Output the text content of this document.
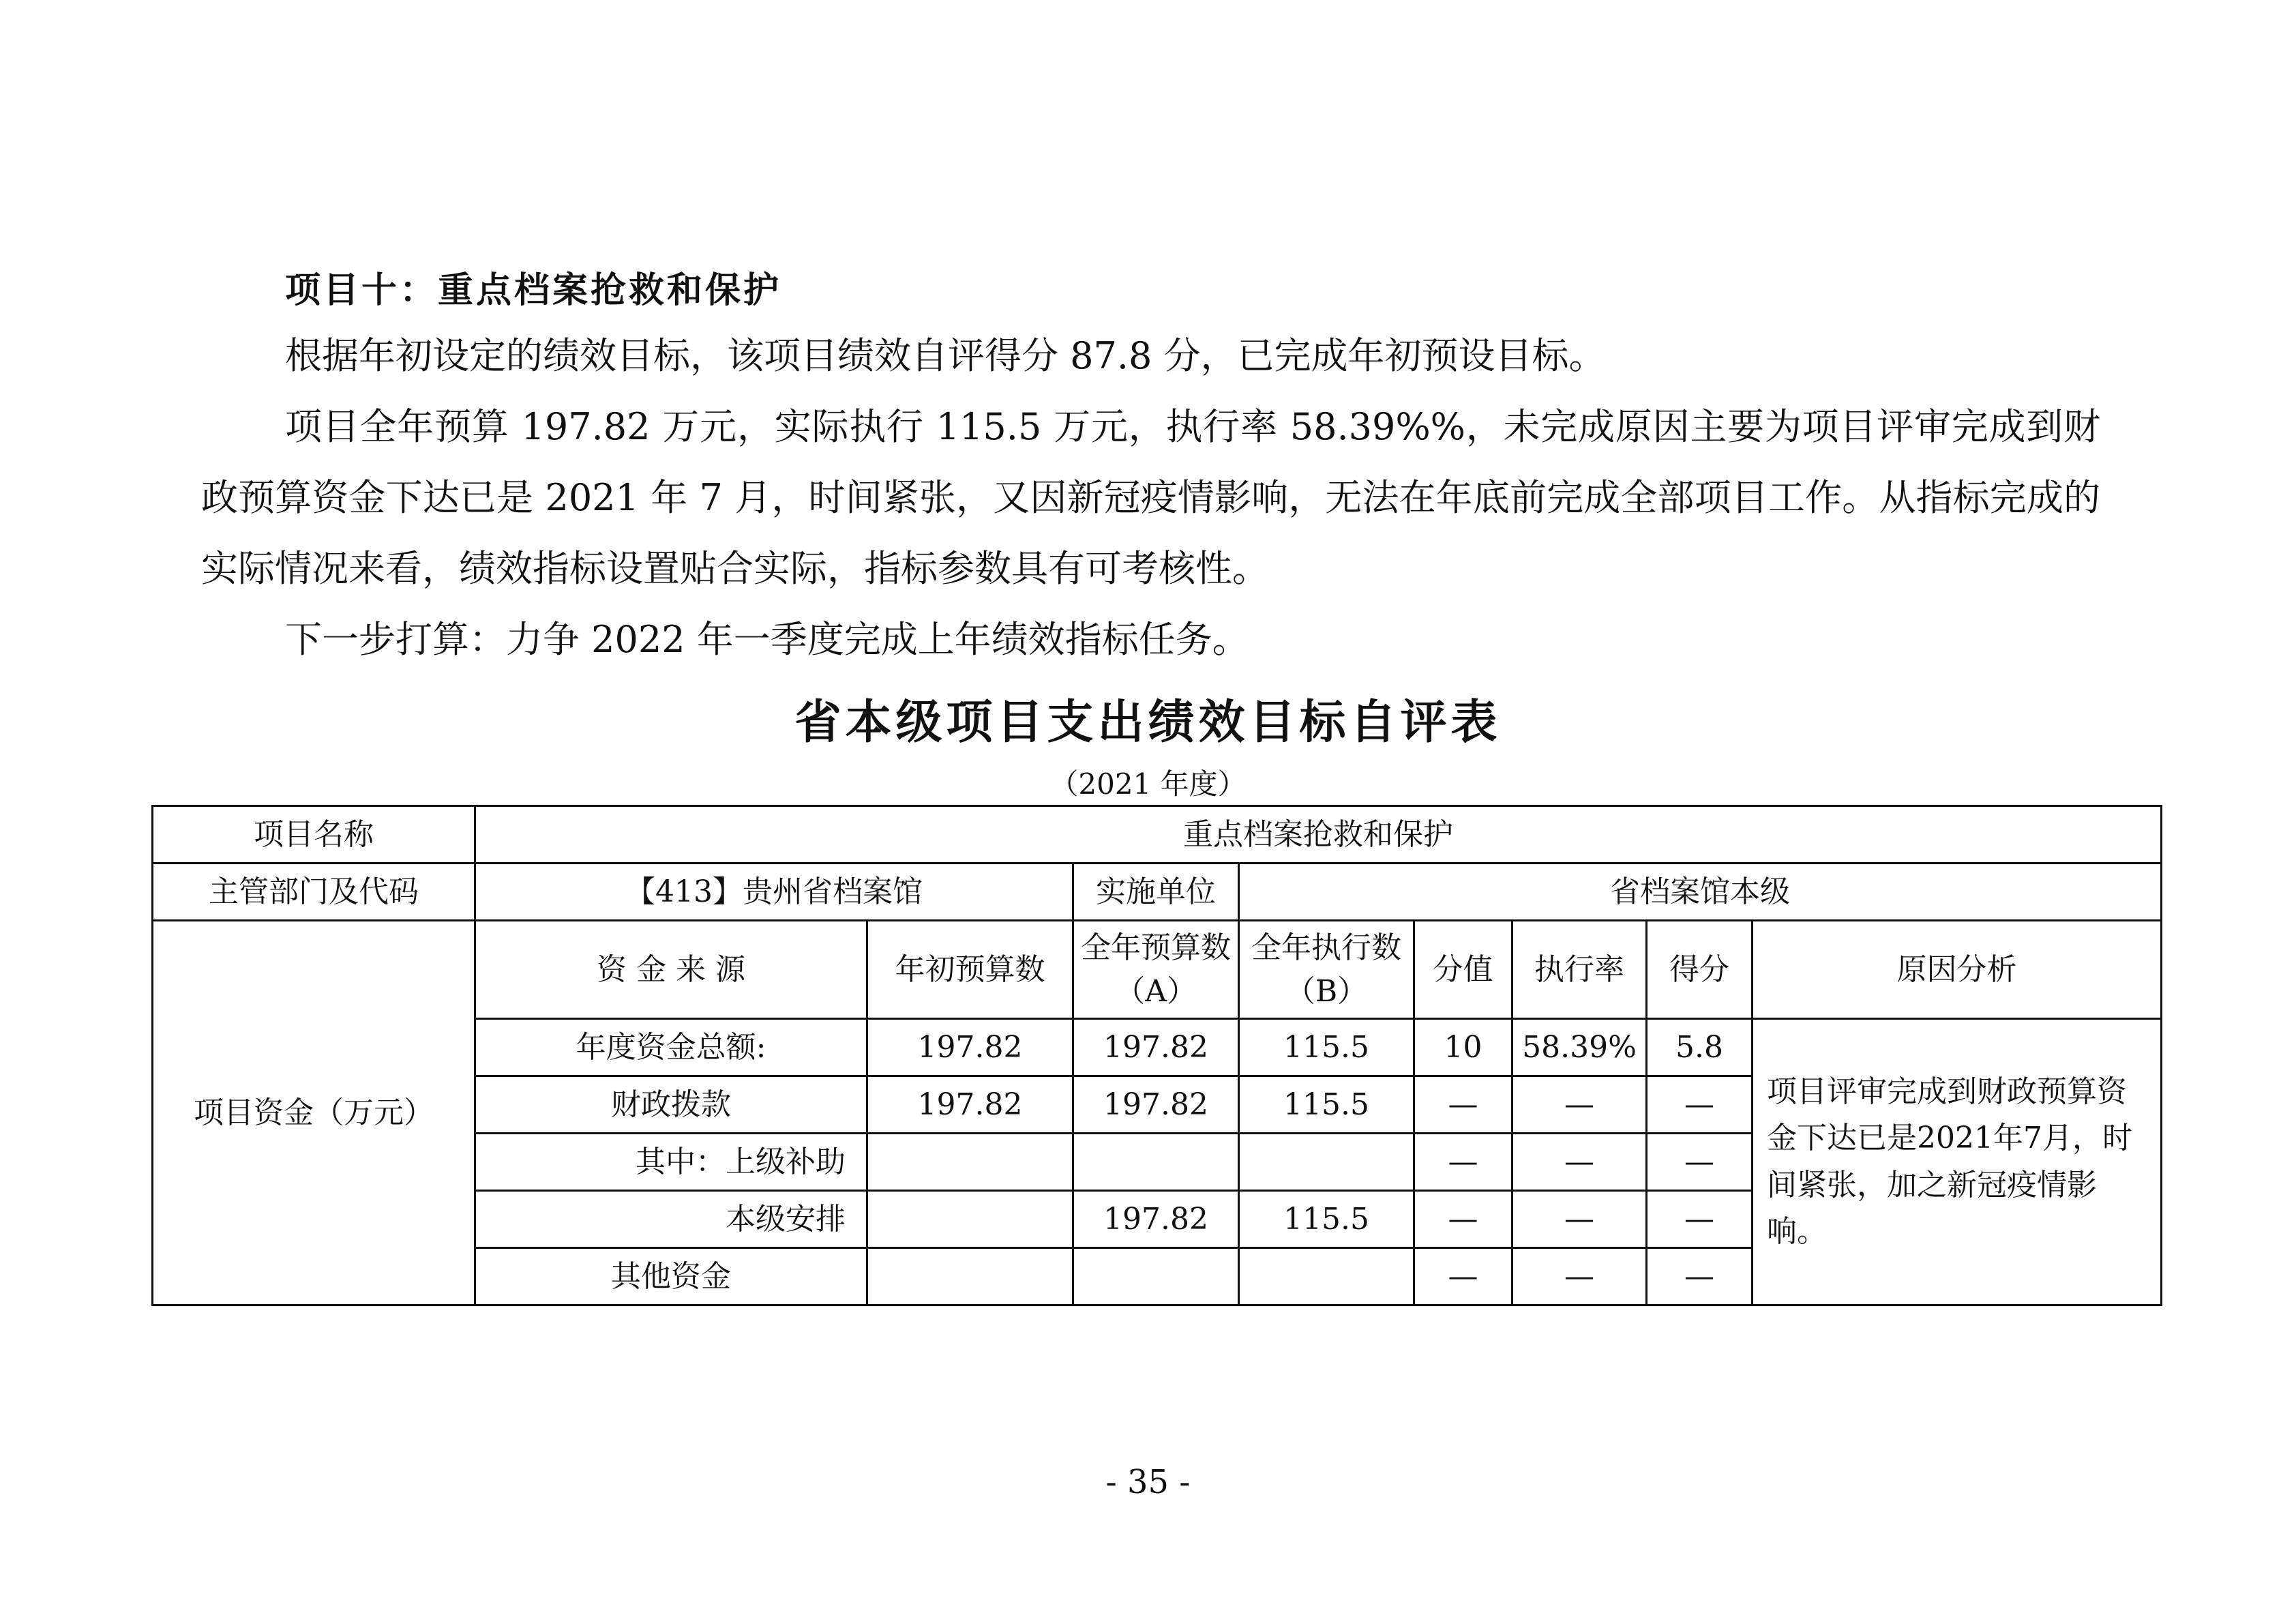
项目十：重点档案抢救和保护

根据年初设定的绩效目标，该项目绩效自评得分 87.8 分，已完成年初预设目标。

项目全年预算 197.82 万元，实际执行 115.5 万元，执行率 58.39%%，未完成原因主要为项目评审完成到财政预算资金下达已是 2021 年 7 月，时间紧张，又因新冠疫情影响，无法在年底前完成全部项目工作。从指标完成的实际情况来看，绩效指标设置贴合实际，指标参数具有可考核性。

下一步打算：力争 2022 年一季度完成上年绩效指标任务。

省本级项目支出绩效目标自评表
（2021 年度）
项目名称	重点档案抢救和保护							
主管部门及代码	【413】贵州省档案馆		实施单位	省档案馆本级				
项目资金（万元）	资 金 来 源	年初预算数	全年预算数（A）	全年执行数（B）	分值	执行率	得分	原因分析
	年度资金总额:	197.82	197.82	115.5	10	58.39%	5.8	项目评审完成到财政预算资金下达已是2021年7月，时间紧张，加之新冠疫情影响。
	财政拨款	197.82	197.82	115.5	—	—	—	
	其中：上级补助				—	—	—	
	本级安排		197.82	115.5	—	—	—	
	其他资金				—	—	—	
- 35 -
